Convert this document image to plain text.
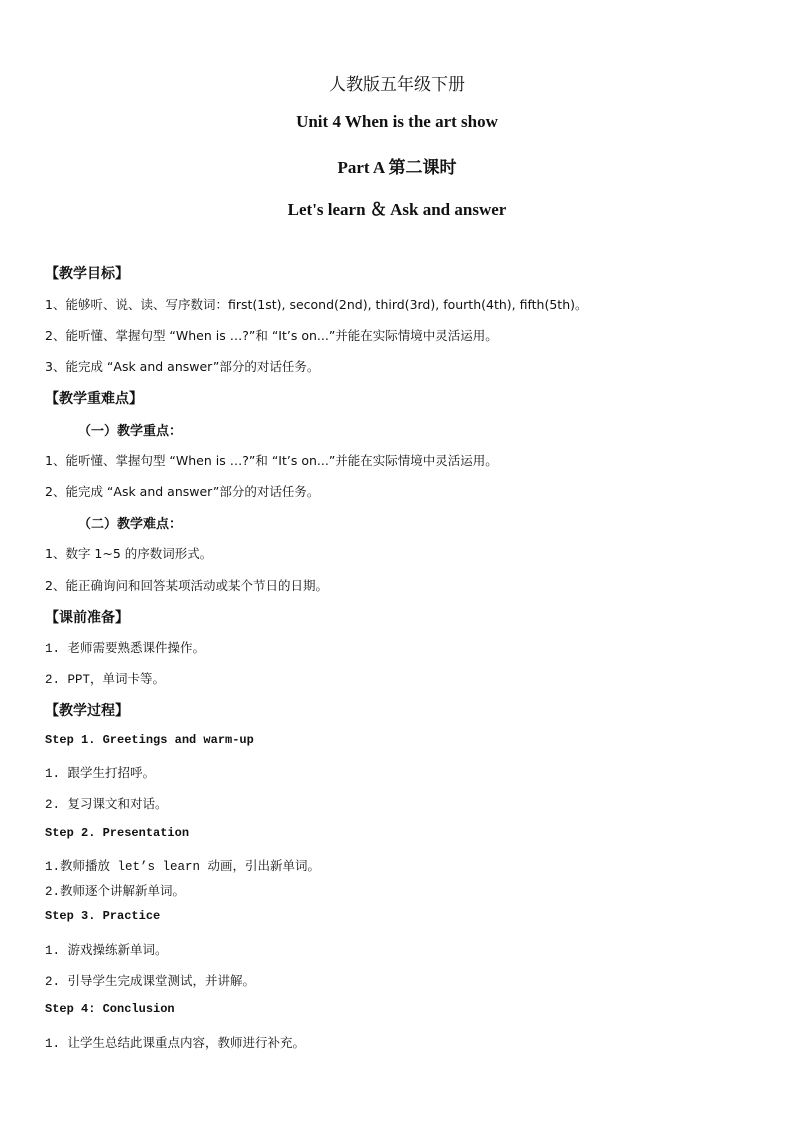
人教版五年级下册

Unit 4 When is the art show

Part A 第二课时

Let's learn ＆ Ask and answer

【教学目标】

1、能够听、说、读、写序数词：first(1st), second(2nd), third(3rd), fourth(4th), fifth(5th)。

2、能听懂、掌握句型 “When is …?”和 “It’s on...”并能在实际情境中灵活运用。

3、能完成 “Ask and answer”部分的对话任务。

【教学重难点】

（一）教学重点：

1、能听懂、掌握句型 “When is …?”和 “It’s on...”并能在实际情境中灵活运用。

2、能完成 “Ask and answer”部分的对话任务。

（二）教学难点：

1、数字 1~5 的序数词形式。

2、能正确询问和回答某项活动或某个节日的日期。

【课前准备】

1. 老师需要熟悉课件操作。

2. PPT，单词卡等。

【教学过程】

Step 1. Greetings and warm-up

1. 跟学生打招呼。

2. 复习课文和对话。

Step 2. Presentation

1.教师播放 let’s learn 动画，引出新单词。

2.教师逐个讲解新单词。

Step 3. Practice

1. 游戏操练新单词。

2. 引导学生完成课堂测试，并讲解。

Step 4: Conclusion

1. 让学生总结此课重点内容，教师进行补充。
